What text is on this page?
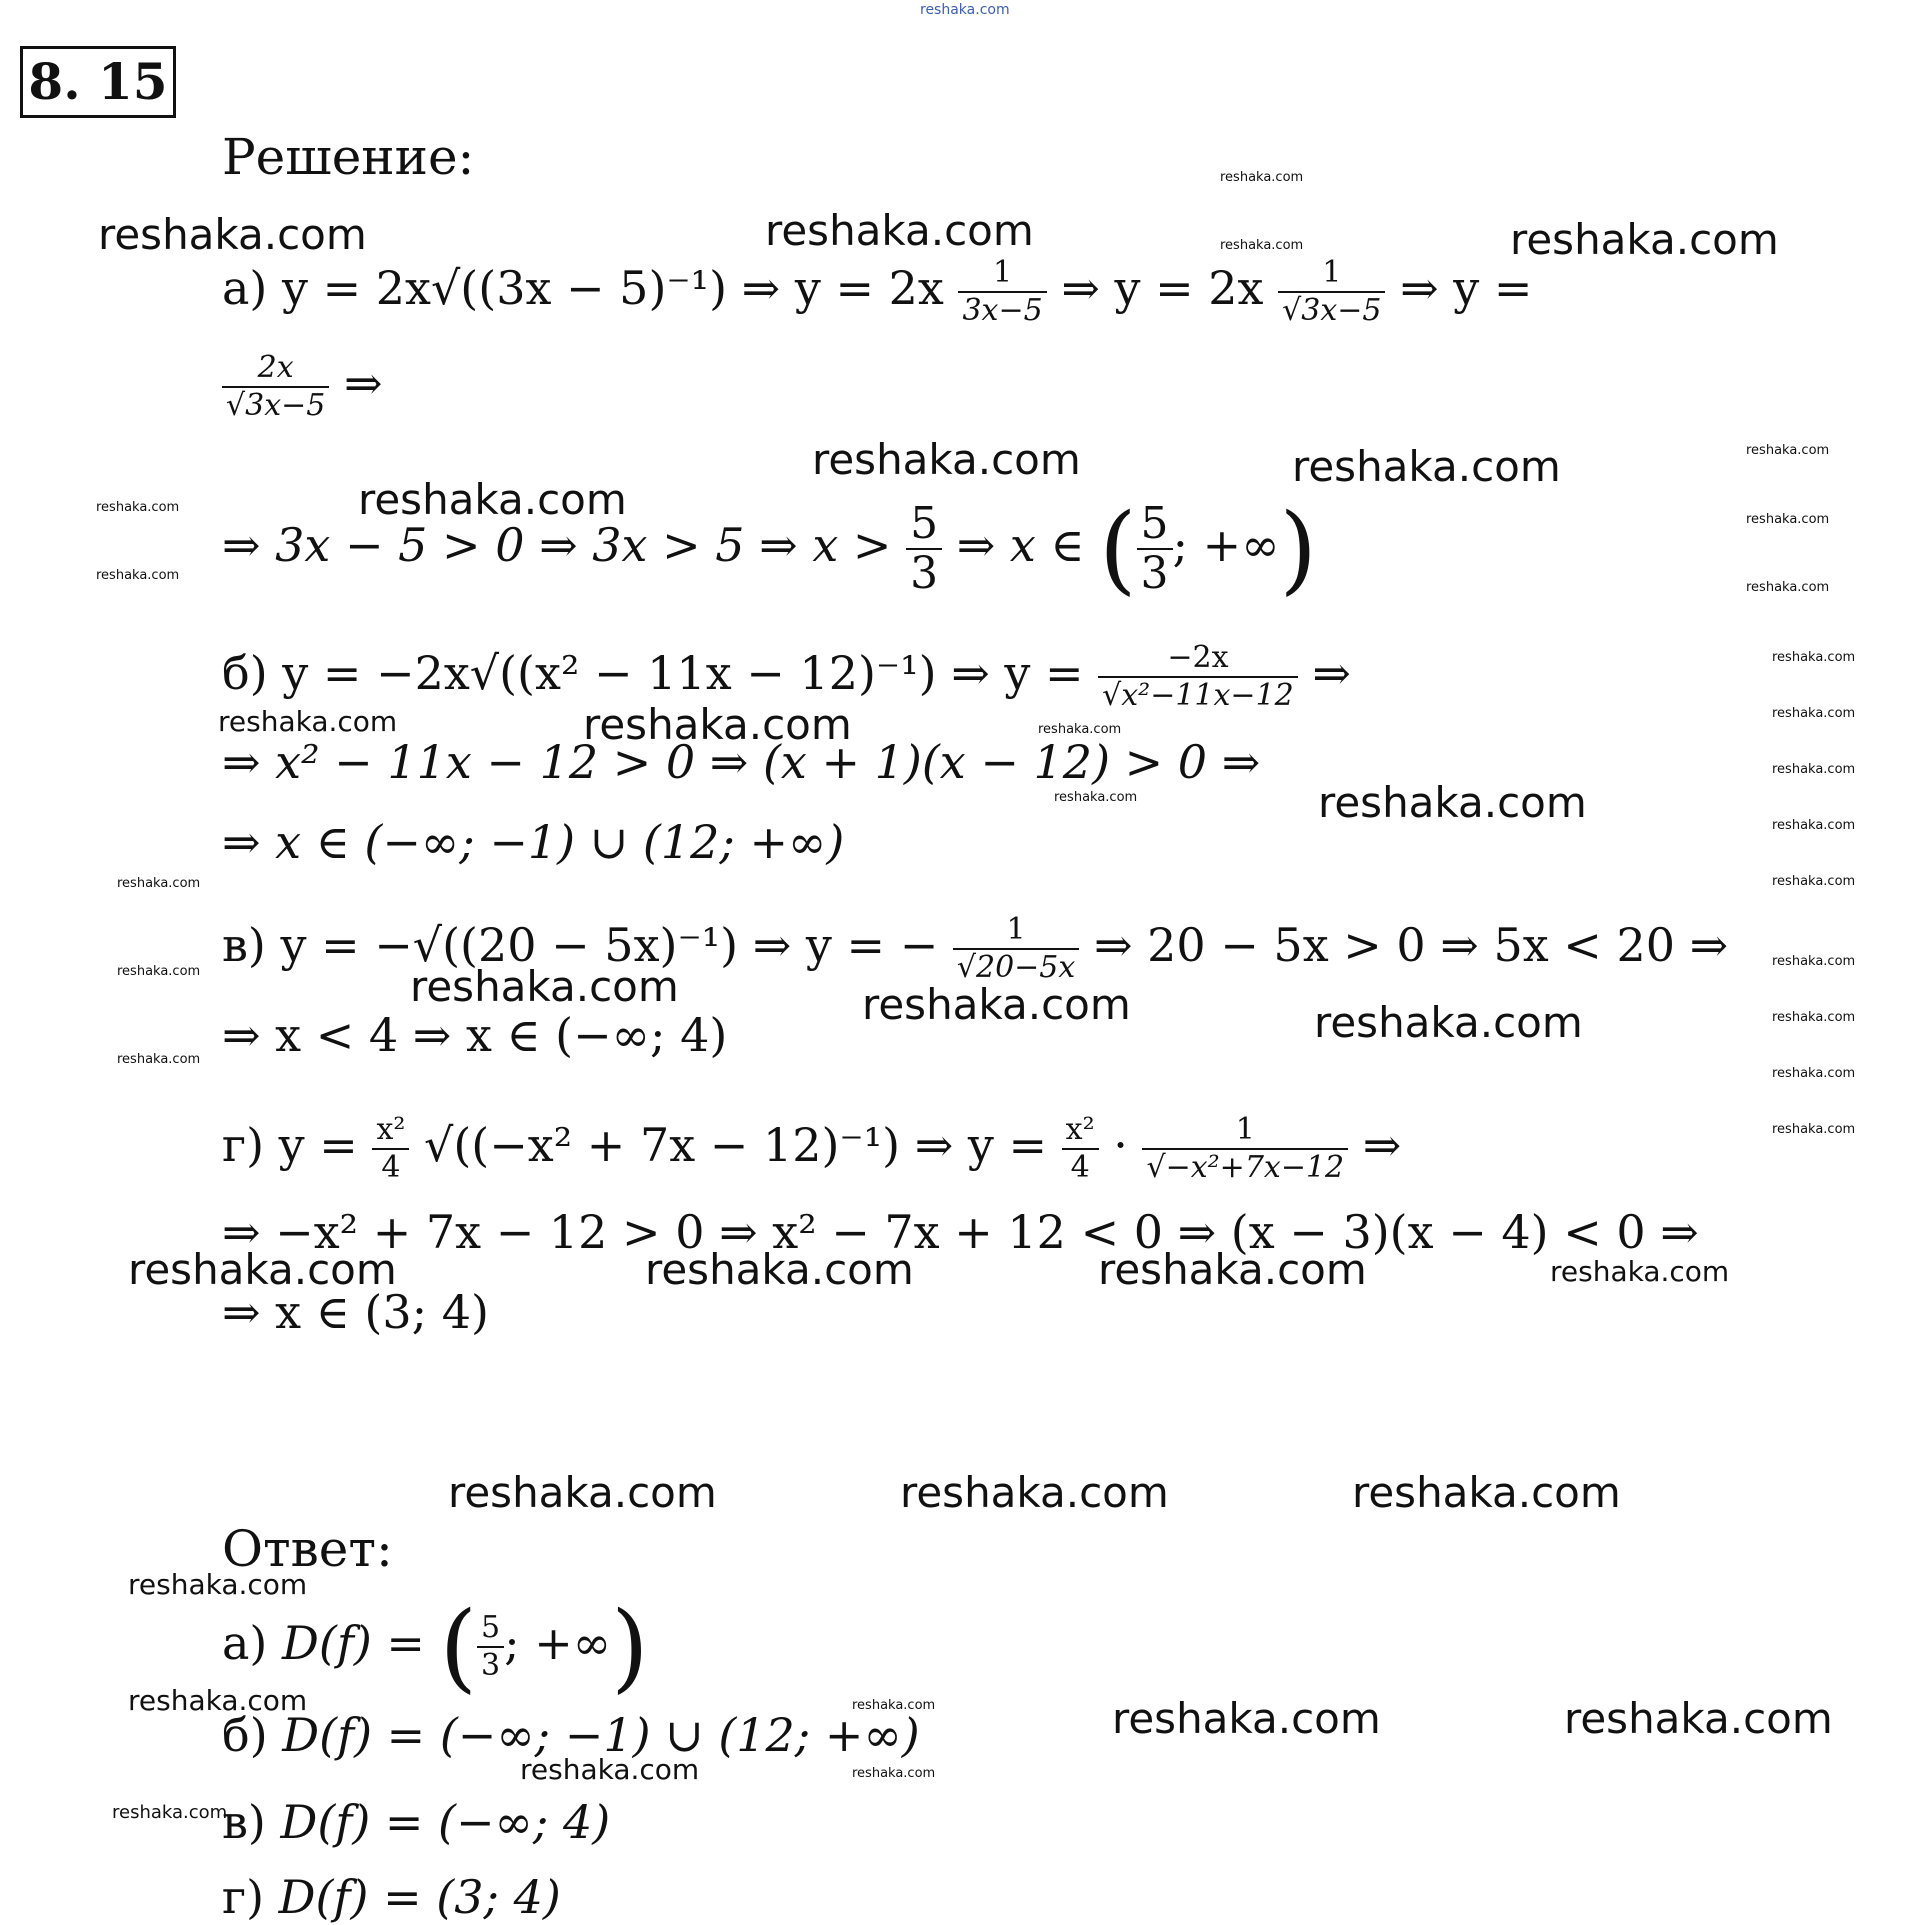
8. 15
Решение:
а) y = 2x√((3x − 5)⁻¹) ⇒ $y = 2x \frac{1}{3x-5}$ ⇒ $y = 2x \frac{1}{√3x-5}$ ⇒ y =
$\frac{2x}{√3x-5}$ ⇒
⇒ 3x − 5 > 0 ⇒ 3x > 5 ⇒ $x > \frac{5}{3}$ ⇒ x ∈ ( $\frac{5}{3}$ ; +∞)
б) y = −2x√((x² − 11x − 12)⁻¹) ⇒ $y = \frac{-2x}{\text{√x²−11x−12}}$ ⇒
⇒ x² − 11x − 12 > 0 ⇒ (x + 1)(x − 12) > 0 ⇒
⇒ x ∈ (−∞; −1) ∪ (12; +∞)
в) y = −√((20 − 5x)⁻¹) ⇒ y = − $\frac{1}{√20-5x}$ ⇒ 20 − 5x > 0 ⇒ 5x < 20 ⇒
⇒ x < 4 ⇒ x ∈ (−∞; 4)
г) $y = \frac{\text{x²}}{4} √((-x^2 + 7x - 12)^{-1})$ ⇒ $y = \frac{\text{x²}}{4} \cdot \frac{1}{\text{√−x²+7x−12}}$ ⇒
⇒ −x² + 7x − 12 > 0 ⇒ x² − 7x + 12 < 0 ⇒ (x − 3)(x − 4) < 0 ⇒
⇒ x ∈ (3; 4)
Ответ:
а) D(f) = ( $\frac{5}{3}$ ; +∞)
б) D(f) = (−∞; −1) ∪ (12; +∞)
в) D(f) = (−∞; 4)
г) D(f) = (3; 4)
reshaka.com
reshaka.com
reshaka.com
reshaka.com	reshaka.com	reshaka.com
reshaka.com	reshaka.com
reshaka.com
reshaka.com
reshaka.com
reshaka.com
reshaka.com
reshaka.com
reshaka.com	reshaka.com	reshaka.com
reshaka.com	reshaka.com
reshaka.com
reshaka.com
reshaka.com
reshaka.com
reshaka.com
reshaka.com
reshaka.com
reshaka.com
reshaka.com
reshaka.com
reshaka.com
reshaka.com
reshaka.com	reshaka.com	reshaka.com
reshaka.com	reshaka.com	reshaka.com	reshaka.com
reshaka.com	reshaka.com	reshaka.com
reshaka.com
reshaka.com	reshaka.com
reshaka.com
reshaka.com	reshaka.com
reshaka.com
reshaka.com
